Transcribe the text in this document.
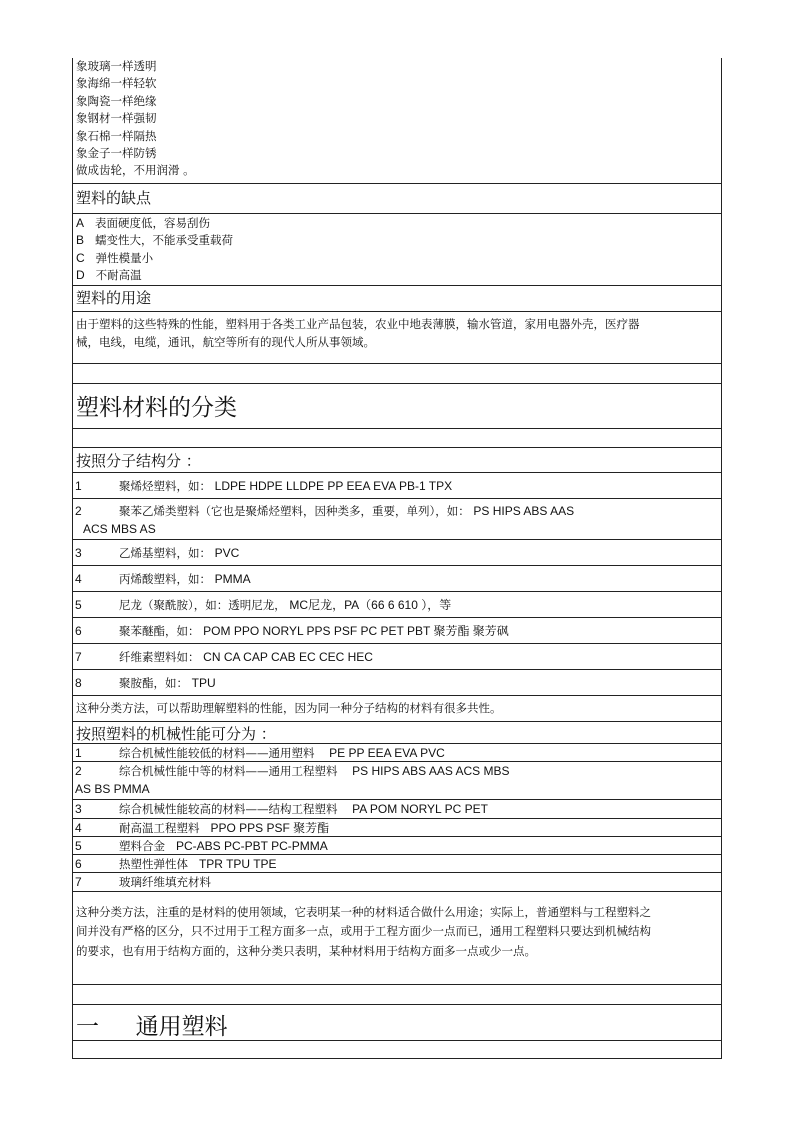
象玻璃一样透明
象海绵一样轻软
象陶瓷一样绝缘
象钢材一样强韧
象石棉一样隔热
象金子一样防锈
做成齿轮，不用润滑 。
塑料的缺点
A 表面硬度低，容易刮伤
B 蠕变性大，不能承受重载荷
C 弹性模量小
D 不耐高温
塑料的用途
由于塑料的这些特殊的性能，塑料用于各类工业产品包装，农业中地表薄膜，输水管道，家用电器外壳，医疗器械，电线，电缆，通讯，航空等所有的现代人所从事领域。
塑料材料的分类
按照分子结构分 ：
1	聚烯烃塑料，如： LDPE HDPE LLDPE PP EEA EVA PB-1 TPX
2	聚苯乙烯类塑料（它也是聚烯烃塑料，因种类多，重要，单列），如： PS HIPS ABS AAS
ACS MBS AS
3	乙烯基塑料，如： PVC
4	丙烯酸塑料，如： PMMA
5	尼龙（聚酰胺），如：透明尼龙， MC尼龙，PA（66 6 610 ），等
6	聚苯醚酯，如： POM PPO NORYL PPS PSF PC PET PBT 聚芳酯 聚芳砜
7	纤维素塑料如： CN CA CAP CAB EC CEC HEC
8	聚胺酯，如： TPU
这种分类方法，可以帮助理解塑料的性能，因为同一种分子结构的材料有很多共性。
按照塑料的机械性能可分为 ：
1	综合机械性能较低的材料——通用塑料 PE PP EEA EVA PVC
2	综合机械性能中等的材料——通用工程塑料 PS HIPS ABS AAS ACS MBS
AS BS PMMA
3	综合机械性能较高的材料——结构工程塑料 PA POM NORYL PC PET
4	耐高温工程塑料 PPO PPS PSF 聚芳酯
5	塑料合金 PC-ABS PC-PBT PC-PMMA
6	热塑性弹性体 TPR TPU TPE
7	玻璃纤维填充材料
这种分类方法，注重的是材料的使用领域，它表明某一种的材料适合做什么用途；实际上，普通塑料与工程塑料之间并没有严格的区分，只不过用于工程方面多一点，或用于工程方面少一点而已，通用工程塑料只要达到机械结构的要求，也有用于结构方面的，这种分类只表明，某种材料用于结构方面多一点或少一点。
一 通用塑料
